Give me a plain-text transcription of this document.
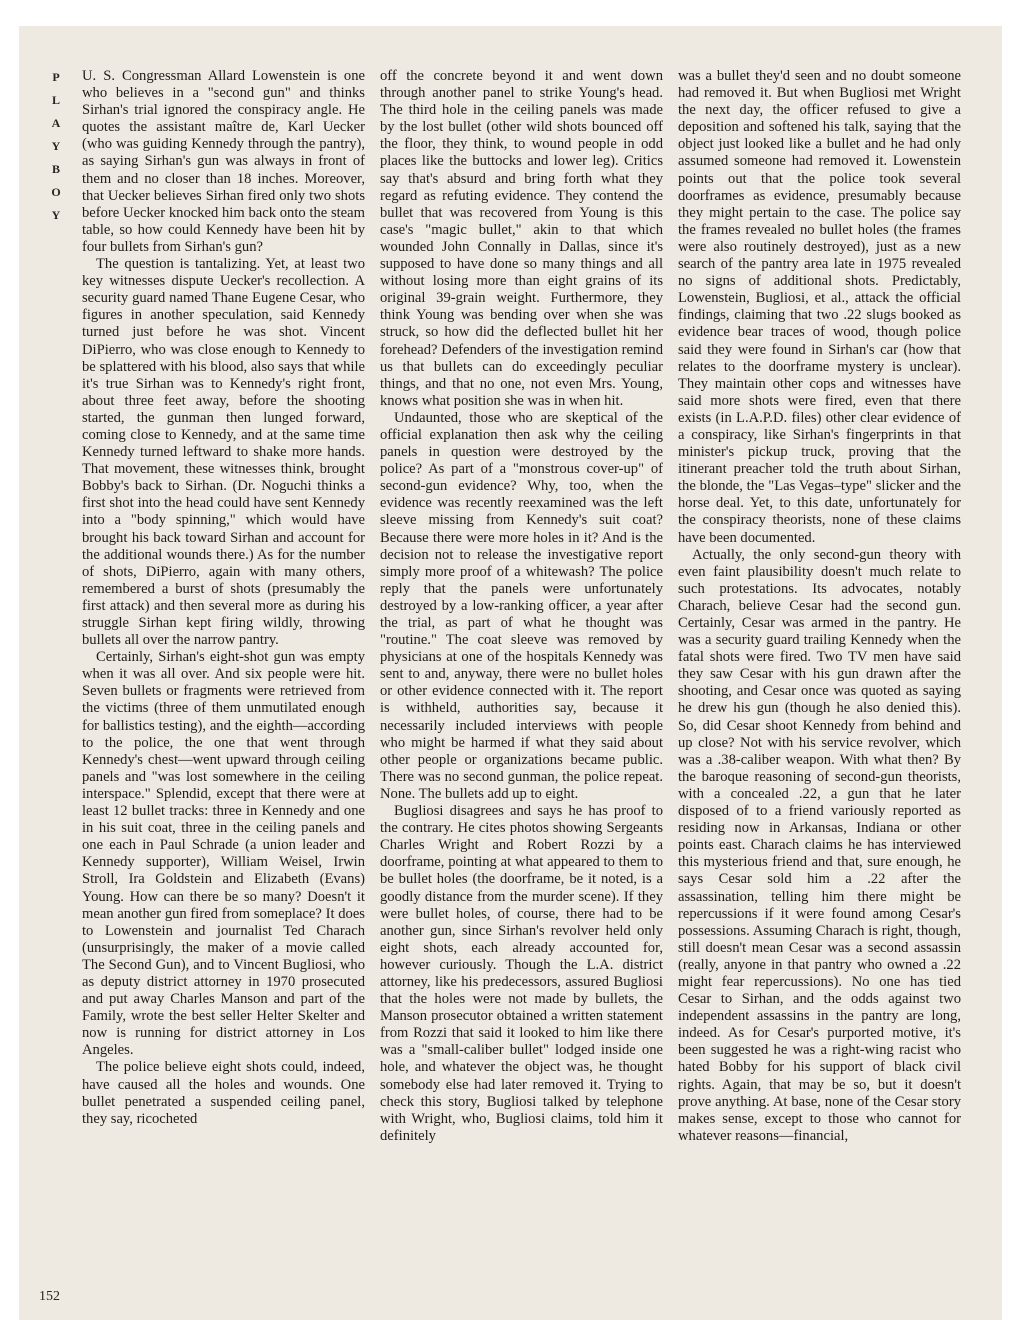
P
L
A
Y
B
O
Y

U. S. Congressman Allard Lowenstein is one who believes in a "second gun" and thinks Sirhan's trial ignored the conspiracy angle. He quotes the assistant maître de, Karl Uecker (who was guiding Kennedy through the pantry), as saying Sirhan's gun was always in front of them and no closer than 18 inches. Moreover, that Uecker believes Sirhan fired only two shots before Uecker knocked him back onto the steam table, so how could Kennedy have been hit by four bullets from Sirhan's gun?

The question is tantalizing. Yet, at least two key witnesses dispute Uecker's recollection. A security guard named Thane Eugene Cesar, who figures in another speculation, said Kennedy turned just before he was shot. Vincent DiPierro, who was close enough to Kennedy to be splattered with his blood, also says that while it's true Sirhan was to Kennedy's right front, about three feet away, before the shooting started, the gunman then lunged forward, coming close to Kennedy, and at the same time Kennedy turned leftward to shake more hands. That movement, these witnesses think, brought Bobby's back to Sirhan. (Dr. Noguchi thinks a first shot into the head could have sent Kennedy into a "body spinning," which would have brought his back toward Sirhan and account for the additional wounds there.) As for the number of shots, DiPierro, again with many others, remembered a burst of shots (presumably the first attack) and then several more as during his struggle Sirhan kept firing wildly, throwing bullets all over the narrow pantry.

Certainly, Sirhan's eight-shot gun was empty when it was all over. And six people were hit. Seven bullets or fragments were retrieved from the victims (three of them unmutilated enough for ballistics testing), and the eighth—according to the police, the one that went through Kennedy's chest—went upward through ceiling panels and "was lost somewhere in the ceiling interspace." Splendid, except that there were at least 12 bullet tracks: three in Kennedy and one in his suit coat, three in the ceiling panels and one each in Paul Schrade (a union leader and Kennedy supporter), William Weisel, Irwin Stroll, Ira Goldstein and Elizabeth (Evans) Young. How can there be so many? Doesn't it mean another gun fired from someplace? It does to Lowenstein and journalist Ted Charach (unsurprisingly, the maker of a movie called The Second Gun), and to Vincent Bugliosi, who as deputy district attorney in 1970 prosecuted and put away Charles Manson and part of the Family, wrote the best seller Helter Skelter and now is running for district attorney in Los Angeles.

The police believe eight shots could, indeed, have caused all the holes and wounds. One bullet penetrated a suspended ceiling panel, they say, ricocheted

off the concrete beyond it and went down through another panel to strike Young's head. The third hole in the ceiling panels was made by the lost bullet (other wild shots bounced off the floor, they think, to wound people in odd places like the buttocks and lower leg). Critics say that's absurd and bring forth what they regard as refuting evidence. They contend the bullet that was recovered from Young is this case's "magic bullet," akin to that which wounded John Connally in Dallas, since it's supposed to have done so many things and all without losing more than eight grains of its original 39-grain weight. Furthermore, they think Young was bending over when she was struck, so how did the deflected bullet hit her forehead? Defenders of the investigation remind us that bullets can do exceedingly peculiar things, and that no one, not even Mrs. Young, knows what position she was in when hit.

Undaunted, those who are skeptical of the official explanation then ask why the ceiling panels in question were destroyed by the police? As part of a "monstrous cover-up" of second-gun evidence? Why, too, when the evidence was recently reexamined was the left sleeve missing from Kennedy's suit coat? Because there were more holes in it? And is the decision not to release the investigative report simply more proof of a whitewash? The police reply that the panels were unfortunately destroyed by a low-ranking officer, a year after the trial, as part of what he thought was "routine." The coat sleeve was removed by physicians at one of the hospitals Kennedy was sent to and, anyway, there were no bullet holes or other evidence connected with it. The report is withheld, authorities say, because it necessarily included interviews with people who might be harmed if what they said about other people or organizations became public. There was no second gunman, the police repeat. None. The bullets add up to eight.

Bugliosi disagrees and says he has proof to the contrary. He cites photos showing Sergeants Charles Wright and Robert Rozzi by a doorframe, pointing at what appeared to them to be bullet holes (the doorframe, be it noted, is a goodly distance from the murder scene). If they were bullet holes, of course, there had to be another gun, since Sirhan's revolver held only eight shots, each already accounted for, however curiously. Though the L.A. district attorney, like his predecessors, assured Bugliosi that the holes were not made by bullets, the Manson prosecutor obtained a written statement from Rozzi that said it looked to him like there was a "small-caliber bullet" lodged inside one hole, and whatever the object was, he thought somebody else had later removed it. Trying to check this story, Bugliosi talked by telephone with Wright, who, Bugliosi claims, told him it definitely

was a bullet they'd seen and no doubt someone had removed it. But when Bugliosi met Wright the next day, the officer refused to give a deposition and softened his talk, saying that the object just looked like a bullet and he had only assumed someone had removed it. Lowenstein points out that the police took several doorframes as evidence, presumably because they might pertain to the case. The police say the frames revealed no bullet holes (the frames were also routinely destroyed), just as a new search of the pantry area late in 1975 revealed no signs of additional shots. Predictably, Lowenstein, Bugliosi, et al., attack the official findings, claiming that two .22 slugs booked as evidence bear traces of wood, though police said they were found in Sirhan's car (how that relates to the doorframe mystery is unclear). They maintain other cops and witnesses have said more shots were fired, even that there exists (in L.A.P.D. files) other clear evidence of a conspiracy, like Sirhan's fingerprints in that minister's pickup truck, proving that the itinerant preacher told the truth about Sirhan, the blonde, the "Las Vegas–type" slicker and the horse deal. Yet, to this date, unfortunately for the conspiracy theorists, none of these claims have been documented.

Actually, the only second-gun theory with even faint plausibility doesn't much relate to such protestations. Its advocates, notably Charach, believe Cesar had the second gun. Certainly, Cesar was armed in the pantry. He was a security guard trailing Kennedy when the fatal shots were fired. Two TV men have said they saw Cesar with his gun drawn after the shooting, and Cesar once was quoted as saying he drew his gun (though he also denied this). So, did Cesar shoot Kennedy from behind and up close? Not with his service revolver, which was a .38-caliber weapon. With what then? By the baroque reasoning of second-gun theorists, with a concealed .22, a gun that he later disposed of to a friend variously reported as residing now in Arkansas, Indiana or other points east. Charach claims he has interviewed this mysterious friend and that, sure enough, he says Cesar sold him a .22 after the assassination, telling him there might be repercussions if it were found among Cesar's possessions. Assuming Charach is right, though, still doesn't mean Cesar was a second assassin (really, anyone in that pantry who owned a .22 might fear repercussions). No one has tied Cesar to Sirhan, and the odds against two independent assassins in the pantry are long, indeed. As for Cesar's purported motive, it's been suggested he was a right-wing racist who hated Bobby for his support of black civil rights. Again, that may be so, but it doesn't prove anything. At base, none of the Cesar story makes sense, except to those who cannot for whatever reasons—financial,

152
